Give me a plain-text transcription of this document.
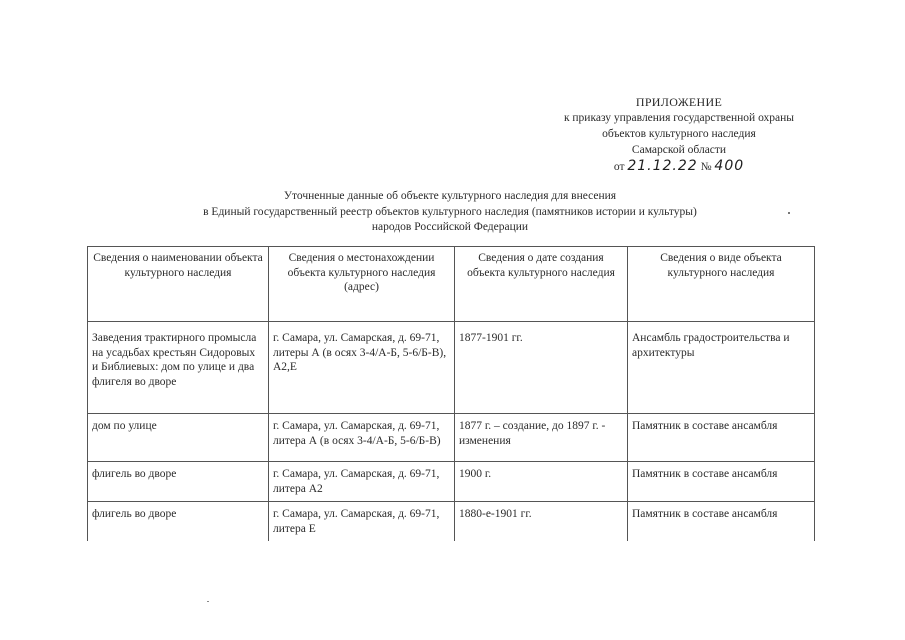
ПРИЛОЖЕНИЕ
к приказу управления государственной охраны
объектов культурного наследия
Самарской области
от 21.12.22 № 400
Уточненные данные об объекте культурного наследия для внесения
в Единый государственный реестр объектов культурного наследия (памятников истории и культуры)
народов Российской Федерации
Сведения о наименовании объекта культурного наследия	Сведения о местонахождении объекта культурного наследия (адрес)	Сведения о дате создания объекта культурного наследия	Сведения о виде объекта культурного наследия
Заведения трактирного промысла на усадьбах крестьян Сидоровых и Библиевых: дом по улице и два флигеля во дворе	г. Самара, ул. Самарская, д. 69-71, литеры А (в осях 3-4/А-Б, 5-6/Б-В), А2,Е	1877-1901 гг.	Ансамбль градостроительства и архитектуры
дом по улице	г. Самара, ул. Самарская, д. 69-71, литера А (в осях 3-4/А-Б, 5-6/Б-В)	1877 г. – создание, до 1897 г. - изменения	Памятник в составе ансамбля
флигель во дворе	г. Самара, ул. Самарская, д. 69-71, литера А2	1900 г.	Памятник в составе ансамбля
флигель во дворе	г. Самара, ул. Самарская, д. 69-71, литера Е	1880-е-1901 гг.	Памятник в составе ансамбля
